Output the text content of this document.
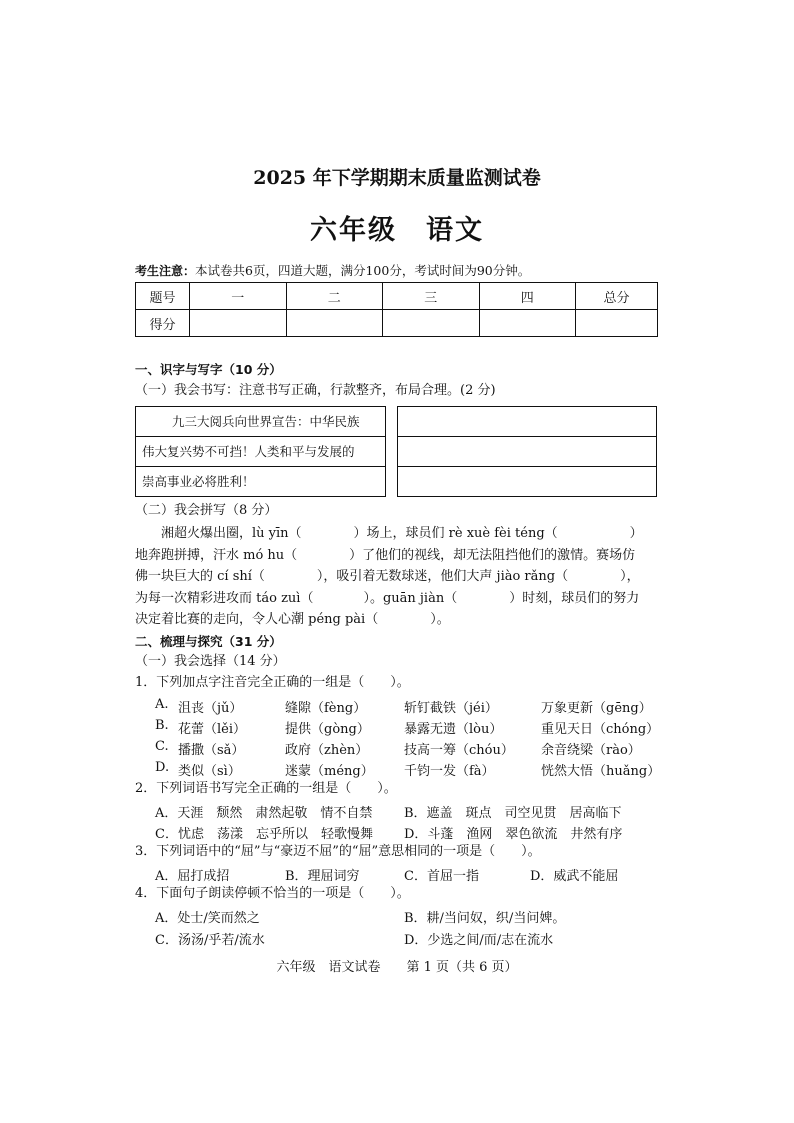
2025 年下学期期末质量监测试卷
六年级　语文
考生注意：本试卷共6页，四道大题，满分100分，考试时间为90分钟。
题号	一	二	三	四	总分
得分					
一、识字与写字（10 分）
（一）我会书写：注意书写正确，行款整齐，布局合理。(2 分)
九三大阅兵向世界宣告：中华民族
伟大复兴势不可挡！人类和平与发展的
崇高事业必将胜利！
（二）我会拼写（8 分）
湘超火爆出圈，lù yīn（	）场上，球员们 rè xuè fèi téng（	）
地奔跑拼搏，汗水 mó hu（	）了他们的视线，却无法阻挡他们的激情。赛场仿
佛一块巨大的 cí shí（	），吸引着无数球迷，他们大声 jiào rǎng（	），
为每一次精彩进攻而 táo zuì（	）。guān jiàn（	）时刻，球员们的努力
决定着比赛的走向，令人心潮 péng pài（	）。
二、梳理与探究（31 分）
（一）我会选择（14 分）
1．下列加点字注音完全正确的一组是（　　）。
A. 沮丧（jǔ）	缝隙（fèng）	斩钉截铁（jéi）	万象更新（gēng）
B. 花蕾（lěi）	提供（gòng）	暴露无遗（lòu）	重见天日（chóng）
C. 播撒（sǎ）	政府（zhèn）	技高一筹（chóu） 余音绕梁（rào）
D. 类似（sì）	迷蒙（méng） 千钧一发（fà）	恍然大悟（huǎng）
2．下列词语书写完全正确的一组是（　　）。
A．天涯　颓然　肃然起敬　情不自禁 B．遮盖　斑点　司空见贯　居高临下
C．忧虑　荡漾　忘乎所以　轻歌慢舞 D．斗蓬　渔网　翠色欲流　井然有序
3．下列词语中的“屈”与“豪迈不屈”的“屈”意思相同的一项是（　　）。
A．屈打成招	B．理屈词穷	C．首屈一指	D．威武不能屈
4．下面句子朗读停顿不恰当的一项是（　　）。
A．处士/笑而然之	B．耕/当问奴，织/当问婢。
C．汤汤/乎若/流水	D．少选之间/而/志在流水
六年级　语文试卷　　第 1 页（共 6 页）
